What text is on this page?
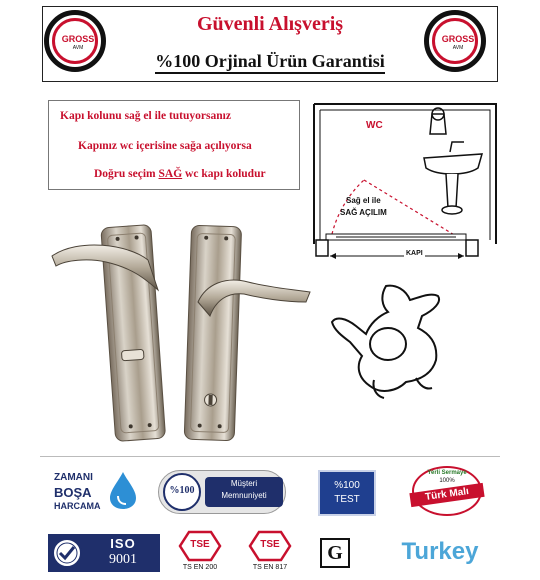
Güvenli Alışveriş
%100 Orjinal Ürün Garantisi
GROSS
AVM
GROSS
AVM
Kapı kolunu sağ el ile tutuyorsanız
Kapınız wc içerisine sağa açılıyorsa
Doğru seçim SAĞ wc kapı koludur
WC
Sağ el ile
SAĞ AÇILIM
KAPI
ZAMANI
BOŞA
HARCAMA
%100
Müşteri
Memnuniyeti
%100
TEST
Yerli Sermaye
100%
Türk Malı
ISO
9001
TSE
TS EN 200
TSE
TS EN 817
G	Turkey
